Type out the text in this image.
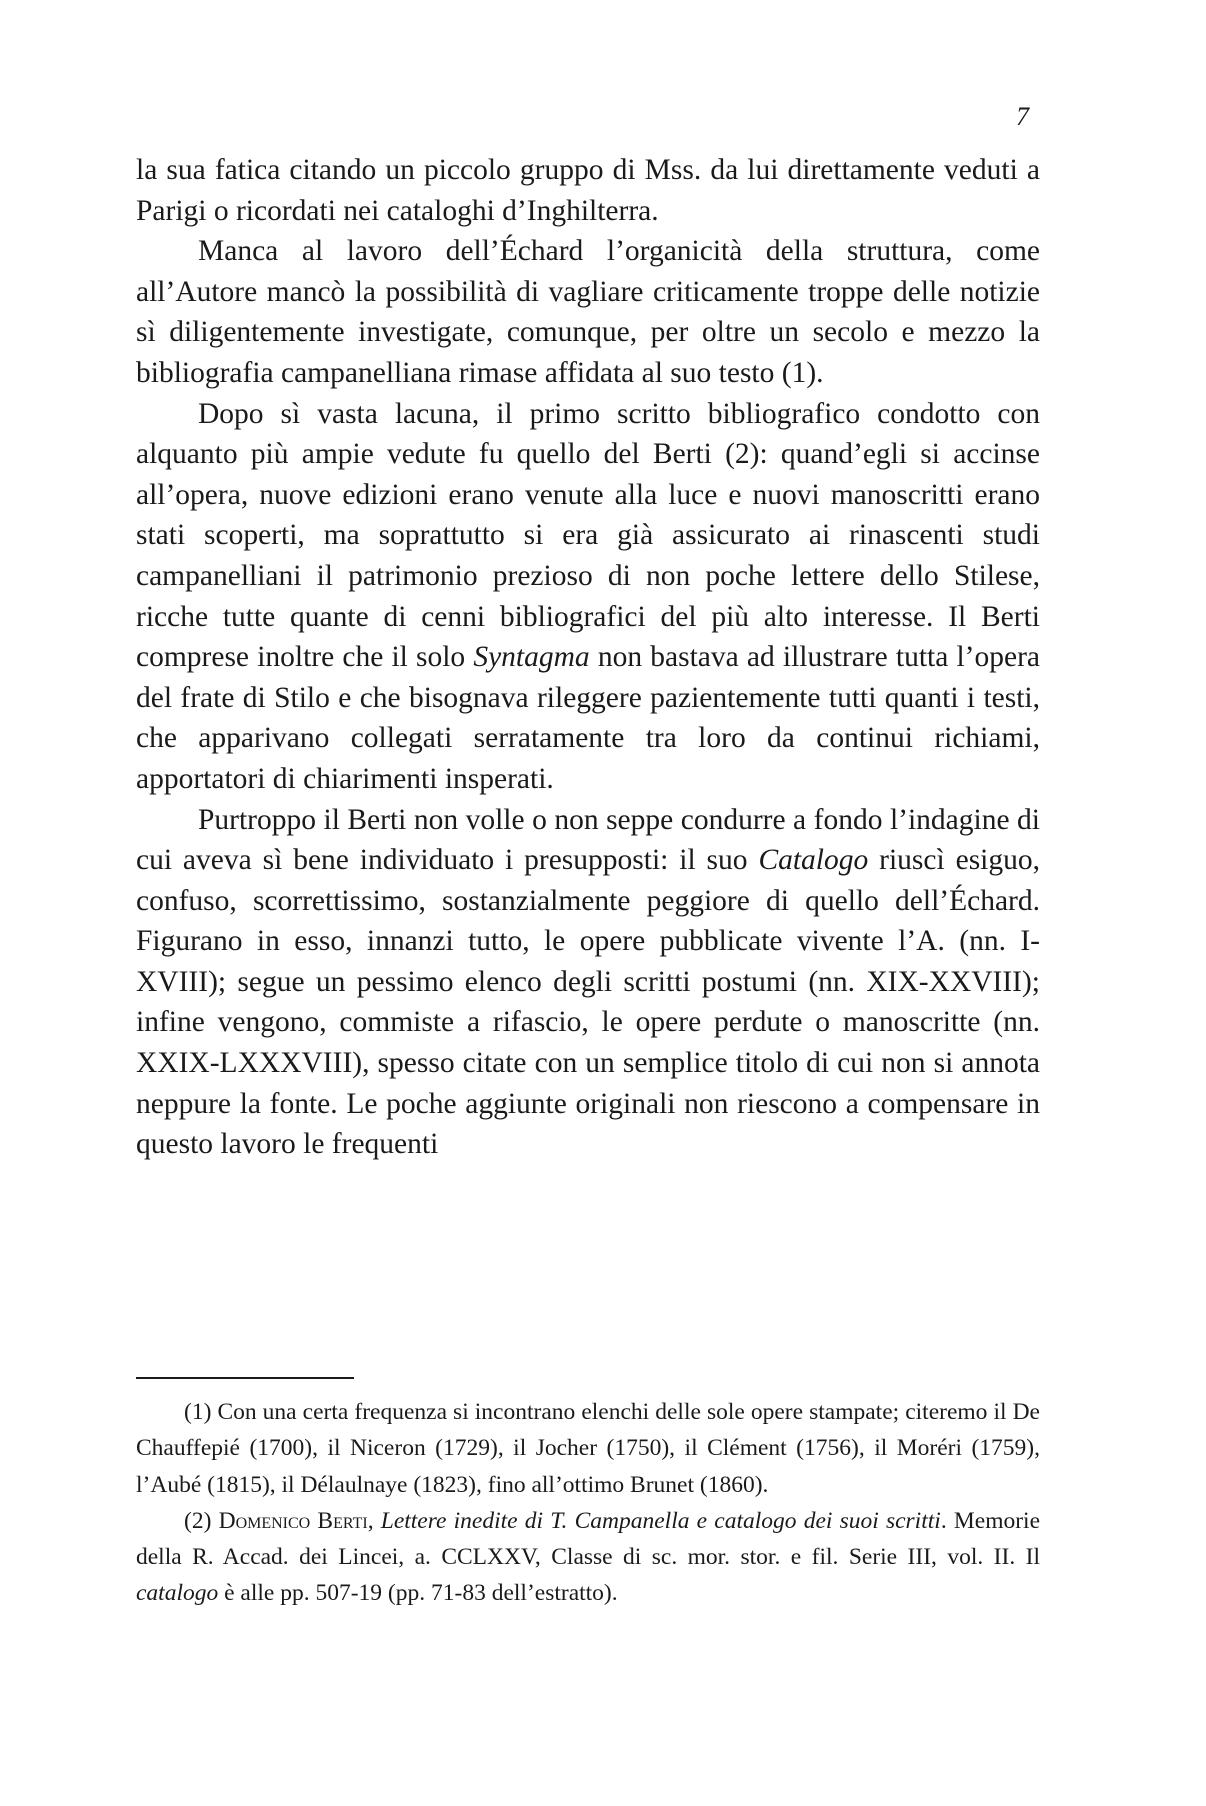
7

la sua fatica citando un piccolo gruppo di Mss. da lui direttamente veduti a Parigi o ricordati nei cataloghi d’Inghilterra.

Manca al lavoro dell’Échard l’organicità della struttura, come all’Autore mancò la possibilità di vagliare criticamente troppe delle notizie sì diligentemente investigate, comunque, per oltre un secolo e mezzo la bibliografia campanelliana rimase affidata al suo testo (1).

Dopo sì vasta lacuna, il primo scritto bibliografico condotto con alquanto più ampie vedute fu quello del Berti (2): quand’egli si accinse all’opera, nuove edizioni erano venute alla luce e nuovi manoscritti erano stati scoperti, ma soprattutto si era già assicurato ai rinascenti studi campanelliani il patrimonio prezioso di non poche lettere dello Stilese, ricche tutte quante di cenni bibliografici del più alto interesse. Il Berti comprese inoltre che il solo Syntagma non bastava ad illustrare tutta l’opera del frate di Stilo e che bisognava rileggere pazientemente tutti quanti i testi, che apparivano collegati serratamente tra loro da continui richiami, apportatori di chiarimenti insperati.

Purtroppo il Berti non volle o non seppe condurre a fondo l’indagine di cui aveva sì bene individuato i presupposti: il suo Catalogo riuscì esiguo, confuso, scorrettissimo, sostanzialmente peggiore di quello dell’Échard. Figurano in esso, innanzi tutto, le opere pubblicate vivente l’A. (nn. I-XVIII); segue un pessimo elenco degli scritti postumi (nn. XIX-XXVIII); infine vengono, commiste a rifascio, le opere perdute o manoscritte (nn. XXIX-LXXXVIII), spesso citate con un semplice titolo di cui non si annota neppure la fonte. Le poche aggiunte originali non riescono a compensare in questo lavoro le frequenti

(1) Con una certa frequenza si incontrano elenchi delle sole opere stampate; citeremo il De Chauffepié (1700), il Niceron (1729), il Jocher (1750), il Clément (1756), il Moréri (1759), l’Aubé (1815), il Délaulnaye (1823), fino all’ottimo Brunet (1860).

(2) Domenico Berti, Lettere inedite di T. Campanella e catalogo dei suoi scritti. Memorie della R. Accad. dei Lincei, a. CCLXXV, Classe di sc. mor. stor. e fil. Serie III, vol. II. Il catalogo è alle pp. 507-19 (pp. 71-83 dell’estratto).
